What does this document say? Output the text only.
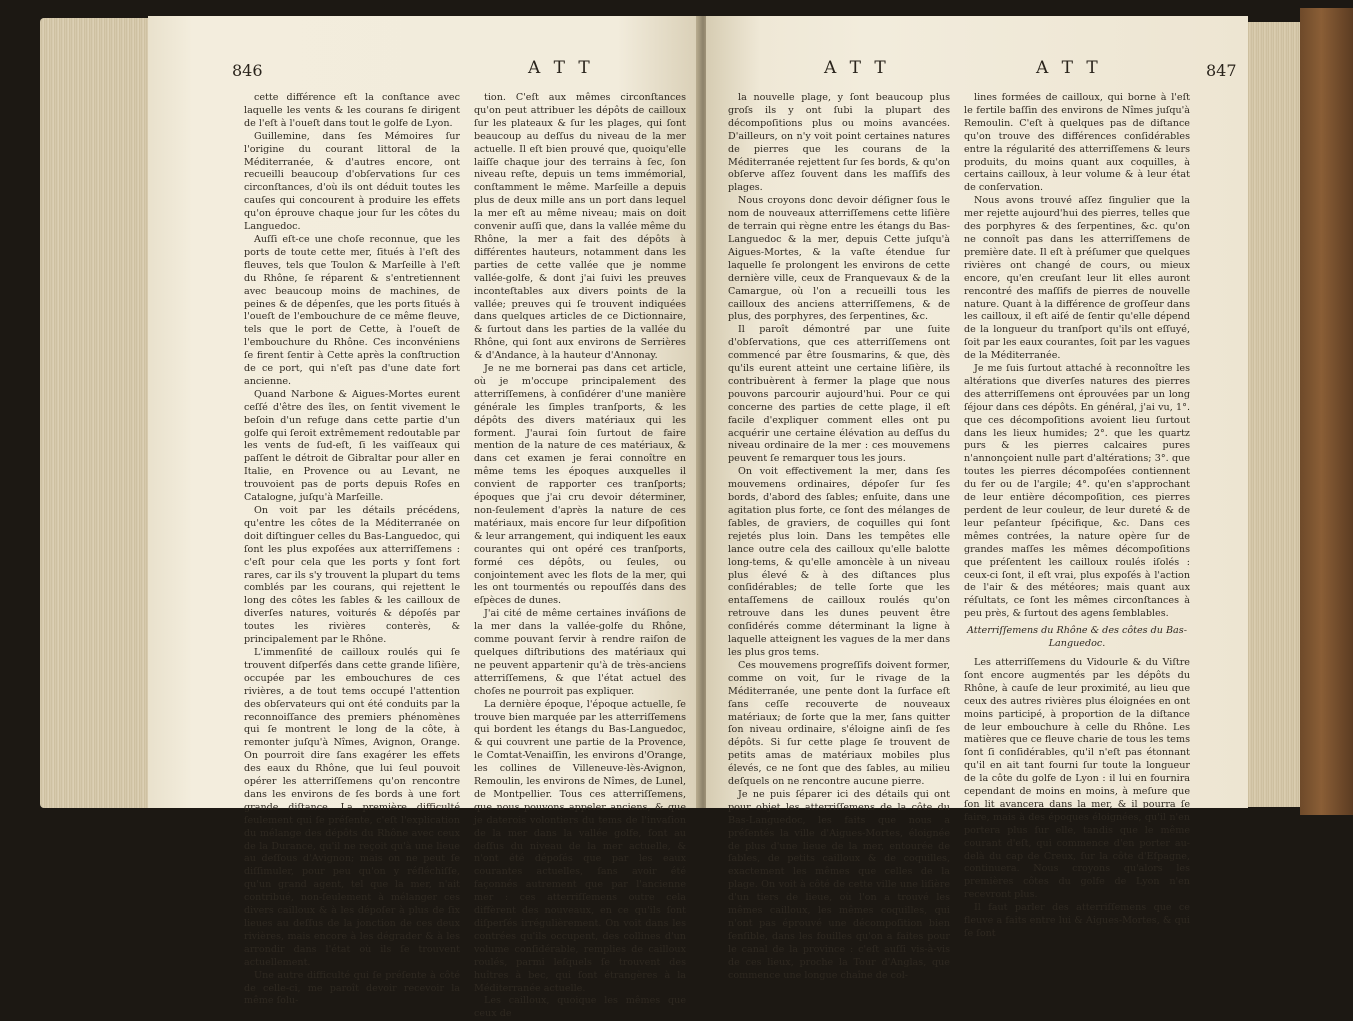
846	A T T

cette différence eſt la conſtance avec laquelle les vents & les courans ſe dirigent de l'eſt à l'oueſt dans tout le golfe de Lyon.

Guillemine, dans ſes Mémoires ſur l'origine du courant littoral de la Méditerranée, & d'autres encore, ont recueilli beaucoup d'obſervations ſur ces circonſtances, d'où ils ont déduit toutes les cauſes qui concourent à produire les effets qu'on éprouve chaque jour ſur les côtes du Languedoc.

Auſſi eſt-ce une choſe reconnue, que les ports de toute cette mer, ſitués à l'eſt des fleuves, tels que Toulon & Marſeille à l'eſt du Rhône, ſe réparent & s'entretiennent avec beaucoup moins de machines, de peines & de dépenſes, que les ports ſitués à l'oueſt de l'embouchure de ce même fleuve, tels que le port de Cette, à l'oueſt de l'embouchure du Rhône. Ces inconvéniens ſe firent ſentir à Cette après la conſtruction de ce port, qui n'eſt pas d'une date fort ancienne.

Quand Narbone & Aigues-Mortes eurent ceſſé d'être des îles, on ſentit vivement le beſoin d'un refuge dans cette partie d'un golfe qui ſeroit extrêmement redoutable par les vents de ſud-eſt, ſi les vaiſſeaux qui paſſent le détroit de Gibraltar pour aller en Italie, en Provence ou au Levant, ne trouvoient pas de ports depuis Roſes en Catalogne, juſqu'à Marſeille.

On voit par les détails précédens, qu'entre les côtes de la Méditerranée on doit diſtinguer celles du Bas-Languedoc, qui ſont les plus expoſées aux atterriſſemens : c'eſt pour cela que les ports y ſont fort rares, car ils s'y trouvent la plupart du tems comblés par les courans, qui rejettent le long des côtes les ſables & les cailloux de diverſes natures, voiturés & dépoſés par toutes les rivières conterès, & principalement par le Rhône.

L'immenſité de cailloux roulés qui ſe trouvent diſperſés dans cette grande liſière, occupée par les embouchures de ces rivières, a de tout tems occupé l'attention des obſervateurs qui ont été conduits par la reconnoiſſance des premiers phénomènes qui ſe montrent le long de la côte, à remonter juſqu'à Nîmes, Avignon, Orange. On pourroit dire ſans exagérer les effets des eaux du Rhône, que lui ſeul pouvoit opérer les atterriſſemens qu'on rencontre dans les environs de ſes bords à une fort grande diſtance. La première difficulté ſeulement qui ſe préſente, c'eſt l'explication du mélange des dépôts du Rhône avec ceux de la Durance, qu'il ne reçoit qu'à une lieue au deſſous d'Avignon; mais on ne peut ſe diſſimuler, pour peu qu'on y réfléchiſſe, qu'un grand agent, tel que la mer, n'ait contribué, non-ſeulement à mélanger ces divers cailloux & à les dépoſer à plus de ſix lieues au deſſus de la jonction de ces deux rivières, mais encore à les dégrader & à les arrondir dans l'état où ils ſe trouvent actuellement.

Une autre difficulté qui ſe préſente à côté de celle-ci, me paroît devoir recevoir la même ſolu-

tion. C'eſt aux mêmes circonſtances qu'on peut attribuer les dépôts de cailloux ſur les plateaux & ſur les plages, qui ſont beaucoup au deſſus du niveau de la mer actuelle. Il eſt bien prouvé que, quoiqu'elle laiſſe chaque jour des terrains à ſec, ſon niveau reſte, depuis un tems immémorial, conſtamment le même. Marſeille a depuis plus de deux mille ans un port dans lequel la mer eſt au même niveau; mais on doit convenir auſſi que, dans la vallée même du Rhône, la mer a fait des dépôts à différentes hauteurs, notamment dans les parties de cette vallée que je nomme vallée-golfe, & dont j'ai ſuivi les preuves inconteſtables aux divers points de la vallée; preuves qui ſe trouvent indiquées dans quelques articles de ce Dictionnaire, & ſurtout dans les parties de la vallée du Rhône, qui ſont aux environs de Serrières & d'Andance, à la hauteur d'Annonay.

Je ne me bornerai pas dans cet article, où je m'occupe principalement des atterriſſemens, à conſidérer d'une manière générale les ſimples tranſports, & les dépôts des divers matériaux qui les forment. J'aurai ſoin ſurtout de faire mention de la nature de ces matériaux, & dans cet examen je ferai connoître en même tems les époques auxquelles il convient de rapporter ces tranſports; époques que j'ai cru devoir déterminer, non-ſeulement d'après la nature de ces matériaux, mais encore ſur leur diſpoſition & leur arrangement, qui indiquent les eaux courantes qui ont opéré ces tranſports, formé ces dépôts, ou ſeules, ou conjointement avec les flots de la mer, qui les ont tourmentés ou repouſſés dans des eſpèces de dunes.

J'ai cité de même certaines inváſions de la mer dans la vallée-golfe du Rhône, comme pouvant ſervir à rendre raiſon de quelques diſtributions des matériaux qui ne peuvent appartenir qu'à de très-anciens atterriſſemens, & que l'état actuel des choſes ne pourroit pas expliquer.

La dernière époque, l'époque actuelle, ſe trouve bien marquée par les atterriſſemens qui bordent les étangs du Bas-Languedoc, & qui couvrent une partie de la Provence, le Comtat-Venaiſſin, les environs d'Orange, les collines de Villeneuve-lès-Avignon, Remoulin, les environs de Nîmes, de Lunel, de Montpellier. Tous ces atterriſſemens, que nous pouvons appeler anciens, & que je daterois volontiers du tems de l'invaſion de la mer dans la vallée golfe, ſont au deſſus du niveau de la mer actuelle, & n'ont été dépoſés que par les eaux courantes actuelles, ſans avoir été façonnés autrement que par l'ancienne mer : ces atterriſſemens outre cela diffèrent des nouveaux, en ce qu'ils ſont diſperſés irrégulièrement. On voit dans les contrées qu'ils occupent, des collines d'un volume conſidérable, remplies de cailloux roulés, parmi leſquels ſe trouvent des huîtres à bec, qui ſont étrangères à la Méditerranée actuelle.

Les cailloux, quoique les mêmes que ceux de

A T T	A T T	847

la nouvelle plage, y ſont beaucoup plus groſs ils y ont ſubi la plupart des décompoſitions plus ou moins avancées. D'ailleurs, on n'y voit point certaines natures de pierres que les courans de la Méditerranée rejettent ſur ſes bords, & qu'on obſerve aſſez ſouvent dans les maſſifs des plages.

Nous croyons donc devoir déſigner ſous le nom de nouveaux atterriſſemens cette liſière de terrain qui règne entre les étangs du Bas-Languedoc & la mer, depuis Cette juſqu'à Aigues-Mortes, & la vaſte étendue ſur laquelle ſe prolongent les environs de cette dernière ville, ceux de Franquevaux & de la Camargue, où l'on a recueilli tous les cailloux des anciens atterriſſemens, & de plus, des porphyres, des ſerpentines, &c.

Il paroît démontré par une ſuite d'obſervations, que ces atterriſſemens ont commencé par être ſousmarins, & que, dès qu'ils eurent atteint une certaine liſière, ils contribuèrent à fermer la plage que nous pouvons parcourir aujourd'hui. Pour ce qui concerne des parties de cette plage, il eſt facile d'expliquer comment elles ont pu acquérir une certaine élévation au deſſus du niveau ordinaire de la mer : ces mouvemens peuvent ſe remarquer tous les jours.

On voit effectivement la mer, dans ſes mouvemens ordinaires, dépoſer ſur ſes bords, d'abord des ſables; enſuite, dans une agitation plus forte, ce ſont des mélanges de ſables, de graviers, de coquilles qui ſont rejetés plus loin. Dans les tempêtes elle lance outre cela des cailloux qu'elle balotte long-tems, & qu'elle amoncèle à un niveau plus élevé & à des diſtances plus conſidérables; de telle ſorte que les entaſſemens de cailloux roulés qu'on retrouve dans les dunes peuvent être conſidérés comme déterminant la ligne à laquelle atteignent les vagues de la mer dans les plus gros tems.

Ces mouvemens progreſſifs doivent former, comme on voit, ſur le rivage de la Méditerranée, une pente dont la ſurface eſt ſans ceſſe recouverte de nouveaux matériaux; de ſorte que la mer, ſans quitter ſon niveau ordinaire, s'éloigne ainſi de ſes dépôts. Si ſur cette plage ſe trouvent de petits amas de matériaux mobiles plus élevés, ce ne ſont que des ſables, au milieu deſquels on ne rencontre aucune pierre.

Je ne puis ſéparer ici des détails qui ont pour objet les atterriſſemens de la côte du Bas-Languedoc, les faits que nous a préſentés la ville d'Aigues-Mortes, éloignée de plus d'une lieue de la mer, entourée de ſables, de petits cailloux & de coquilles, exactement les mêmes que celles de la plage. On voit à côté de cette ville une liſière d'un tiers de lieue, où l'on a trouvé les mêmes cailloux, les mêmes coquilles, qui n'ont pas éprouvé une décompoſition bien ſenſible, dans les fouilles qu'on a faites pour le canal de la province : c'eſt auſſi vis-à-vis de ces lieux, proche la Tour d'Anglas, que commence une longue chaîne de col-

lines formées de cailloux, qui borne à l'eſt le fertile baſſin des environs de Nîmes juſqu'à Remoulin. C'eſt à quelques pas de diſtance qu'on trouve des différences conſidérables entre la régularité des atterriſſemens & leurs produits, du moins quant aux coquilles, à certains cailloux, à leur volume & à leur état de conſervation.

Nous avons trouvé aſſez ſingulier que la mer rejette aujourd'hui des pierres, telles que des porphyres & des ſerpentines, &c. qu'on ne connoît pas dans les atterriſſemens de première date. Il eſt à préſumer que quelques rivières ont changé de cours, ou mieux encore, qu'en creuſant leur lit elles auront rencontré des maſſifs de pierres de nouvelle nature. Quant à la différence de groſſeur dans les cailloux, il eſt aiſé de ſentir qu'elle dépend de la longueur du tranſport qu'ils ont eſſuyé, ſoit par les eaux courantes, ſoit par les vagues de la Méditerranée.

Je me ſuis ſurtout attaché à reconnoître les altérations que diverſes natures des pierres des atterriſſemens ont éprouvées par un long ſéjour dans ces dépôts. En général, j'ai vu, 1°. que ces décompoſitions avoient lieu ſurtout dans les lieux humides; 2°. que les quartz purs & les pierres calcaires pures n'annonçoient nulle part d'altérations; 3°. que toutes les pierres décompoſées contiennent du fer ou de l'argile; 4°. qu'en s'approchant de leur entière décompoſition, ces pierres perdent de leur couleur, de leur dureté & de leur peſanteur ſpécifique, &c. Dans ces mêmes contrées, la nature opère ſur de grandes maſſes les mêmes décompoſitions que préſentent les cailloux roulés iſolés : ceux-ci ſont, il eſt vrai, plus expoſés à l'action de l'air & des météores; mais quant aux réſultats, ce ſont les mêmes circonſtances à peu près, & ſurtout des agens ſemblables.

Atterriſſemens du Rhône & des côtes du Bas-Languedoc.

Les atterriſſemens du Vidourle & du Viſtre ſont encore augmentés par les dépôts du Rhône, à cauſe de leur proximité, au lieu que ceux des autres rivières plus éloignées en ont moins participé, à proportion de la diſtance de leur embouchure à celle du Rhône. Les matières que ce fleuve charie de tous les tems ſont ſi conſidérables, qu'il n'eſt pas étonnant qu'il en ait tant fourni ſur toute la longueur de la côte du golfe de Lyon : il lui en fournira cependant de moins en moins, à meſure que ſon lit avancera dans la mer, & il pourra ſe faire, mais à des époques éloignées, qu'il n'en portera plus ſur elle, tandis que le même courant d'eſt, qui commence d'en porter au-delà du cap de Creux, ſur la côte d'Eſpagne, continuera. Nous croyons qu'alors les premières côtes du golfe de Lyon n'en recevront plus.

Il faut parler des atterriſſemens que ce fleuve a faits entre lui & Aigues-Mortes, & qui ſe ſont
